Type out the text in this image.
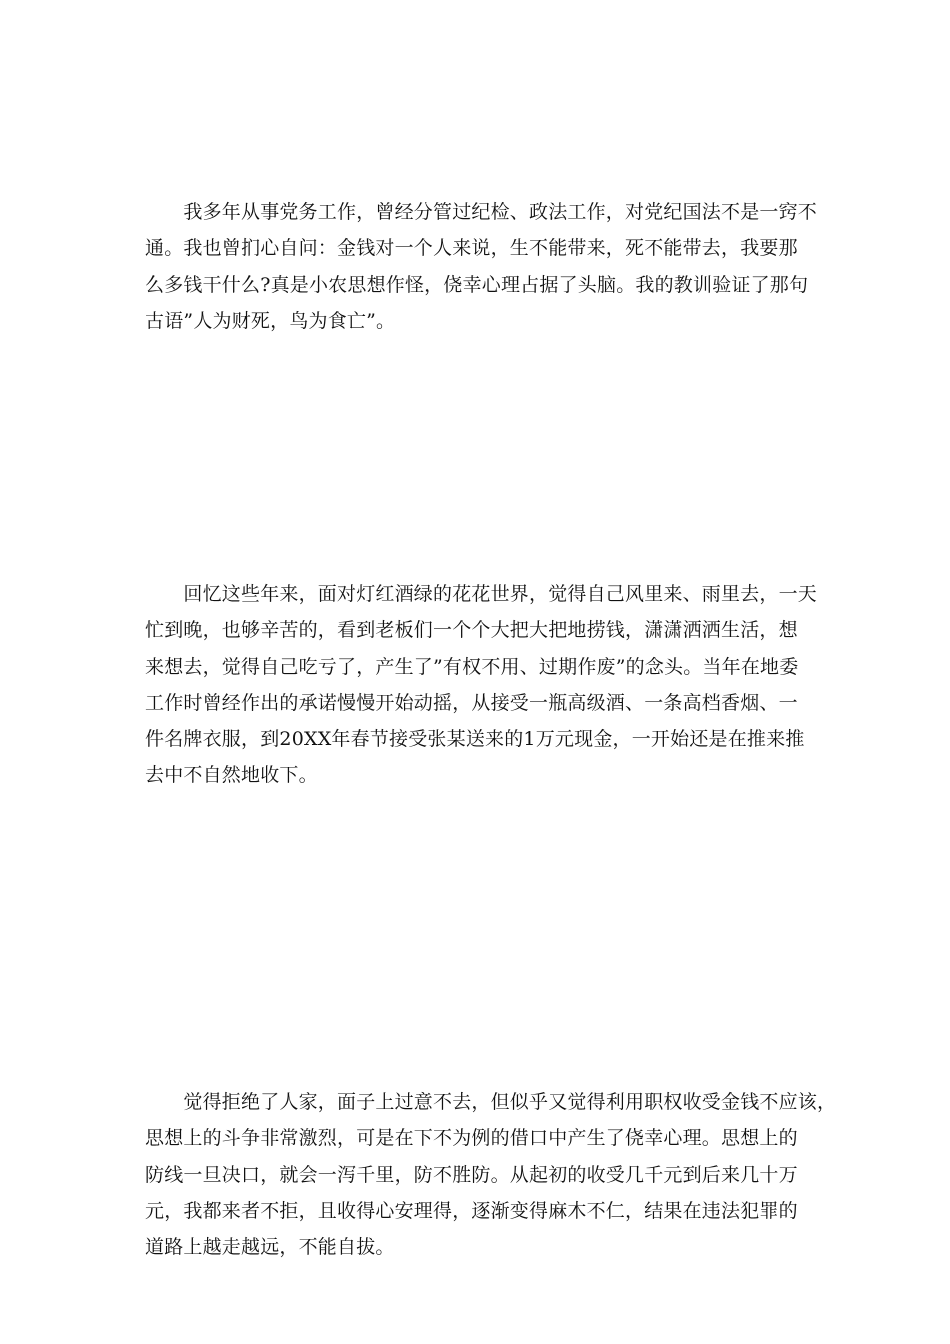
　　我多年从事党务工作，曾经分管过纪检、政法工作，对党纪国法不是一窍不
通。我也曾扪心自问：金钱对一个人来说，生不能带来，死不能带去，我要那
么多钱干什么?真是小农思想作怪，侥幸心理占据了头脑。我的教训验证了那句
古语”人为财死，鸟为食亡”。
　　回忆这些年来，面对灯红酒绿的花花世界，觉得自己风里来、雨里去，一天
忙到晚，也够辛苦的，看到老板们一个个大把大把地捞钱，潇潇洒洒生活，想
来想去，觉得自己吃亏了，产生了”有权不用、过期作废”的念头。当年在地委
工作时曾经作出的承诺慢慢开始动摇，从接受一瓶高级酒、一条高档香烟、一
件名牌衣服，到20XX年春节接受张某送来的1万元现金，一开始还是在推来推
去中不自然地收下。
　　觉得拒绝了人家，面子上过意不去，但似乎又觉得利用职权收受金钱不应该，
思想上的斗争非常激烈，可是在下不为例的借口中产生了侥幸心理。思想上的
防线一旦决口，就会一泻千里，防不胜防。从起初的收受几千元到后来几十万
元，我都来者不拒，且收得心安理得，逐渐变得麻木不仁，结果在违法犯罪的
道路上越走越远，不能自拔。
